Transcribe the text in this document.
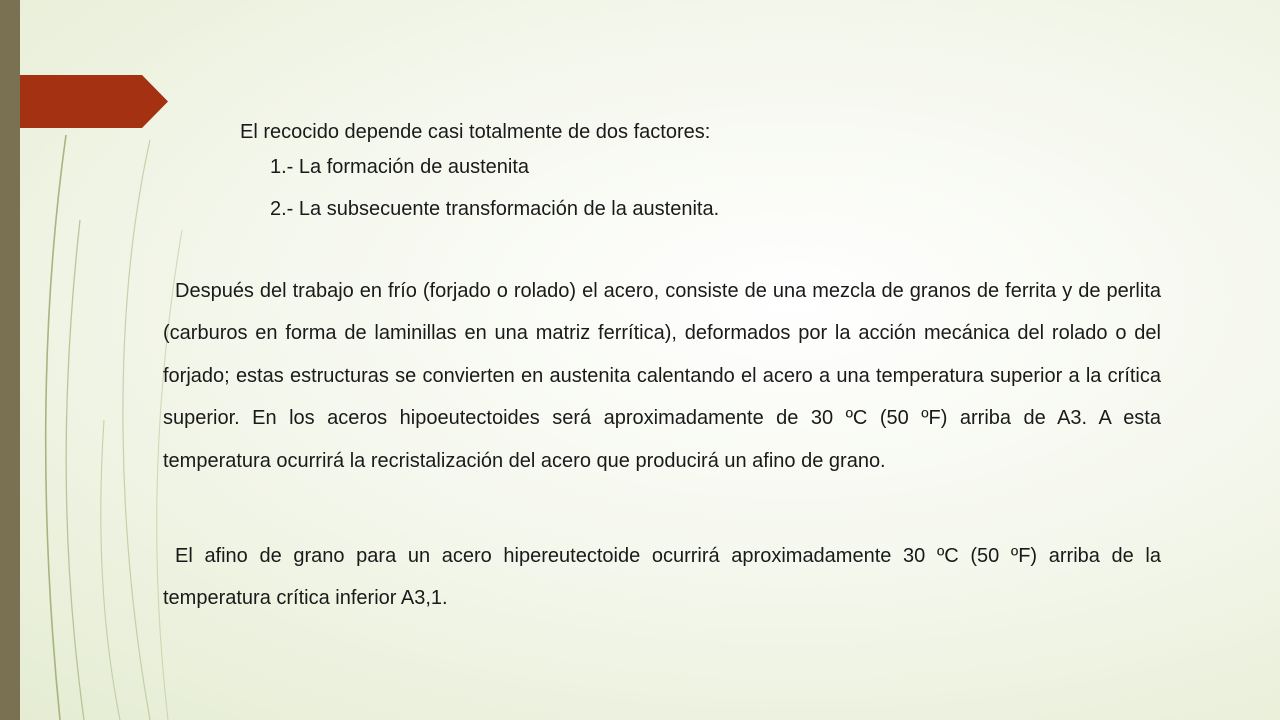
El recocido depende casi totalmente de dos factores:

1.- La formación de austenita

2.- La subsecuente transformación de la austenita.

Después del trabajo en frío (forjado o rolado) el acero, consiste de una mezcla de granos de ferrita y de perlita (carburos en forma de laminillas en una matriz ferrítica), deformados por la acción mecánica del rolado o del forjado; estas estructuras se convierten en austenita calentando el acero a una temperatura superior a la crítica superior. En los aceros hipoeutectoides será aproximadamente de 30 ºC (50 ºF) arriba de A3. A esta temperatura ocurrirá la recristalización del acero que producirá un afino de grano.

El afino de grano para un acero hipereutectoide ocurrirá aproximadamente 30 ºC (50 ºF) arriba de la temperatura crítica inferior A3,1.
